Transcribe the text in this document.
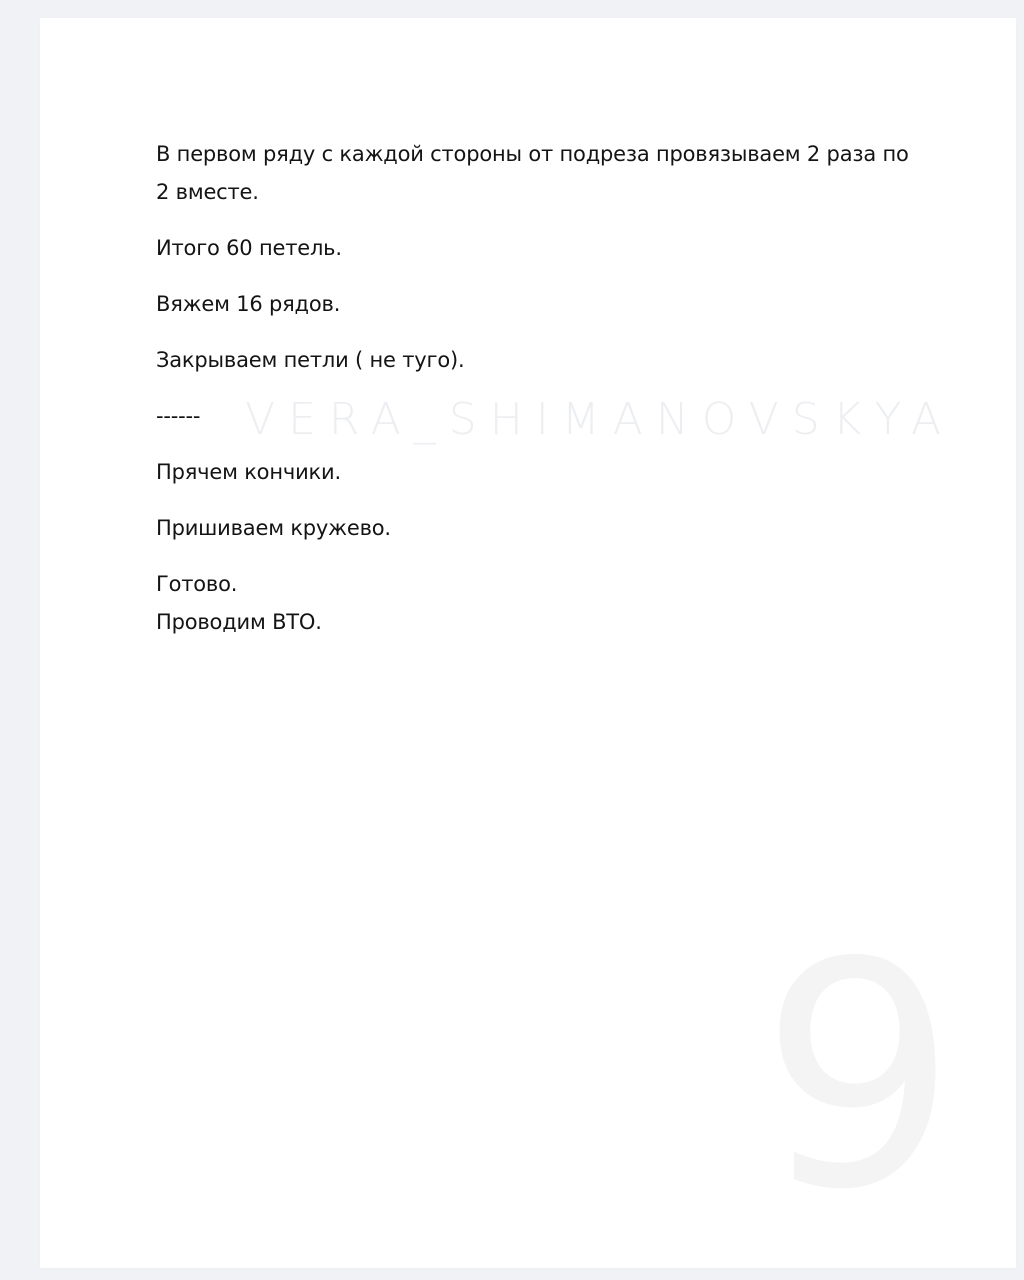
VERA_SHIMANOVSKYA
9

В первом ряду с каждой стороны от подреза провязываем 2 раза по 2 вместе.

Итого 60 петель.

Вяжем 16 рядов.

Закрываем петли ( не туго).

------

Прячем кончики.

Пришиваем кружево.

Готово.

Проводим ВТО.
